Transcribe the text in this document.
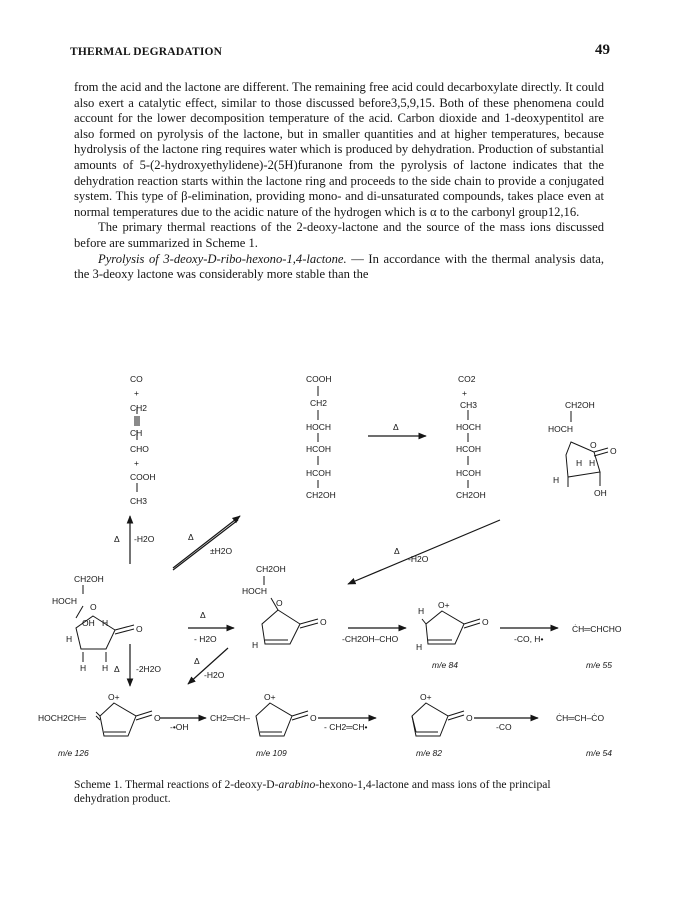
THERMAL DEGRADATION	49

from the acid and the lactone are different. The remaining free acid could decarboxylate directly. It could also exert a catalytic effect, similar to those discussed before3,5,9,15. Both of these phenomena could account for the lower decomposition temperature of the acid. Carbon dioxide and 1-deoxypentitol are also formed on pyrolysis of the lactone, but in smaller quantities and at higher temperatures, because hydrolysis of the lactone ring requires water which is produced by dehydration. Production of substantial amounts of 5-(2-hydroxyethylidene)-2(5H)furanone from the pyrolysis of lactone indicates that the dehydration reaction starts within the lactone ring and proceeds to the side chain to provide a conjugated system. This type of β-elimination, providing mono- and di-unsaturated compounds, takes place even at normal temperatures due to the acidic nature of the hydrogen which is α to the carbonyl group12,16.

The primary thermal reactions of the 2-deoxy-lactone and the source of the mass ions discussed before are summarized in Scheme 1.

Pyrolysis of 3-deoxy-D-ribo-hexono-1,4-lactone. — In accordance with the thermal analysis data, the 3-deoxy lactone was considerably more stable than the

CO
+
CH2
CH
CHO
+
COOH
CH3
COOH
CH2
HOCH
HCOH
HCOH
CH2OH
CO2
+
CH3
HOCH
HCOH
HCOH
CH2OH
CH2OH
HOCH
O
H H
O
H
OH
Δ
Δ -H2O	Δ
±H2O	Δ
-H2O
CH2OH
HOCH
O
OH H
O
H
H H
Δ
- H2O
CH2OH
HOCH
O
O
H
-CH2OH–CHO
H
O+
O
H
m/e 84
-CO, H•
ĊH═CHCHO
m/e 55
Δ -2H2O
Δ
-H2O
HOCH2CH═
O+
O
m/e 126
-•OH
CH2═CH–
O+
O
m/e 109
- CH2═CH•
O+
O
m/e 82
-CO
ĊH═CH–ĊO
m/e 54
Scheme 1. Thermal reactions of 2-deoxy-D-arabino-hexono-1,4-lactone and mass ions of the principal dehydration product.
